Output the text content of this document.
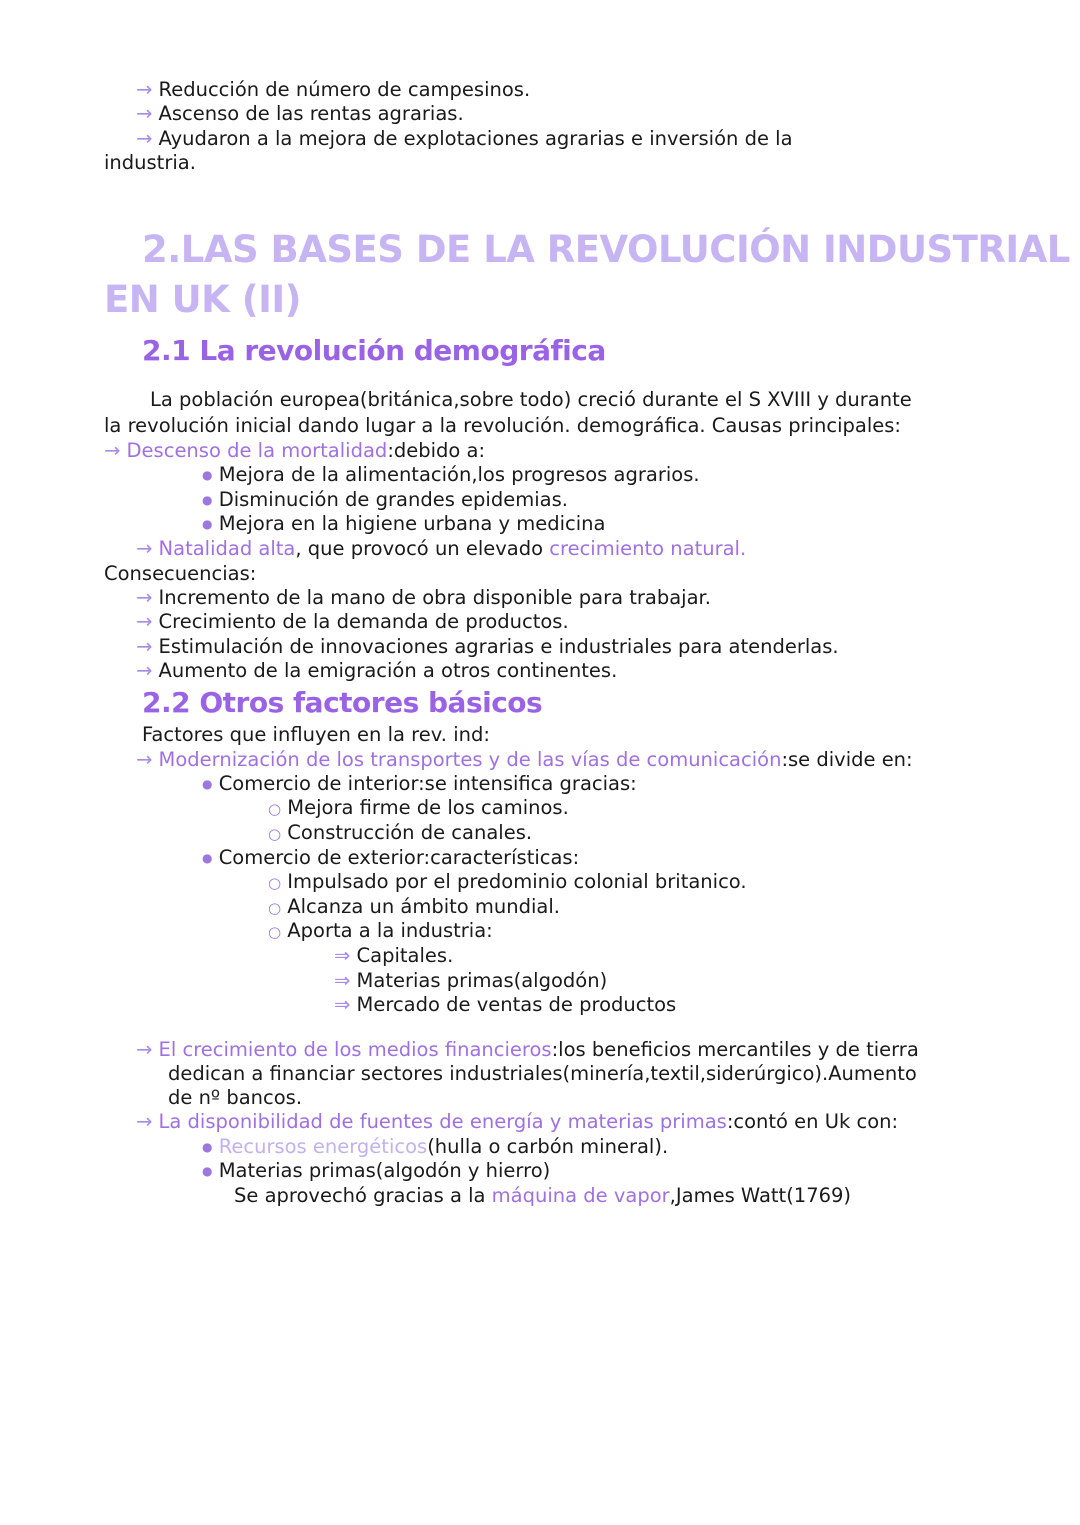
→ Reducción de número de campesinos.
→ Ascenso de las rentas agrarias.
→ Ayudaron a la mejora de explotaciones agrarias e inversión de la
industria.
2.LAS BASES DE LA REVOLUCIÓN INDUSTRIAL
EN UK (II)
2.1 La revolución demográfica
La población europea(británica,sobre todo) creció durante el S XVIII y durante
la revolución inicial dando lugar a la revolución. demográfica. Causas principales:
→ Descenso de la mortalidad:debido a:
● Mejora de la alimentación,los progresos agrarios.
● Disminución de grandes epidemias.
● Mejora en la higiene urbana y medicina
→ Natalidad alta, que provocó un elevado crecimiento natural.
Consecuencias:
→ Incremento de la mano de obra disponible para trabajar.
→ Crecimiento de la demanda de productos.
→ Estimulación de innovaciones agrarias e industriales para atenderlas.
→ Aumento de la emigración a otros continentes.
2.2 Otros factores básicos
Factores que influyen en la rev. ind:
→ Modernización de los transportes y de las vías de comunicación:se divide en:
● Comercio de interior:se intensifica gracias:
○ Mejora firme de los caminos.
○ Construcción de canales.
● Comercio de exterior:características:
○ Impulsado por el predominio colonial britanico.
○ Alcanza un ámbito mundial.
○ Aporta a la industria:
⇒ Capitales.
⇒ Materias primas(algodón)
⇒ Mercado de ventas de productos
→ El crecimiento de los medios financieros:los beneficios mercantiles y de tierra
dedican a financiar sectores industriales(minería,textil,siderúrgico).Aumento
de nº bancos.
→ La disponibilidad de fuentes de energía y materias primas:contó en Uk con:
● Recursos energéticos(hulla o carbón mineral).
● Materias primas(algodón y hierro)
Se aprovechó gracias a la máquina de vapor,James Watt(1769)
